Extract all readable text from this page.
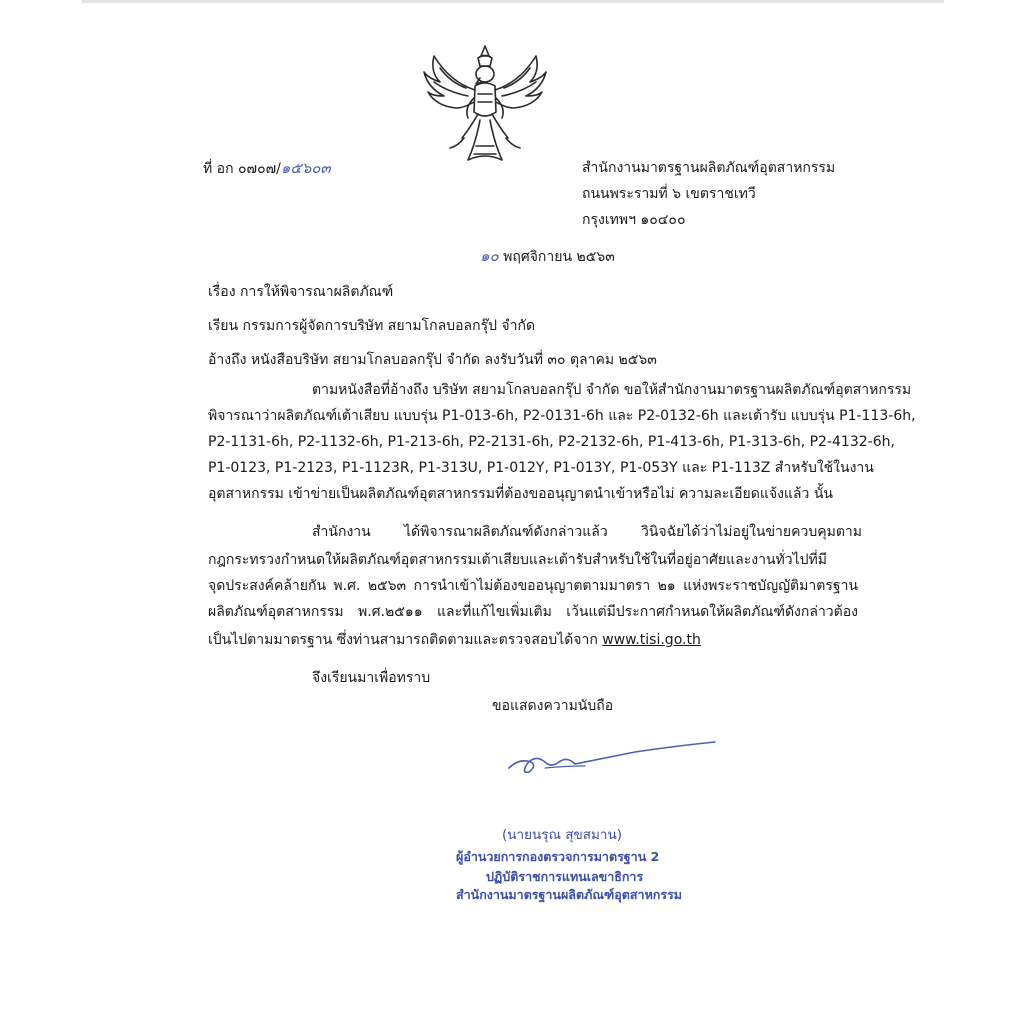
ที่ อก ๐๗๐๗/๑๕๖๐๓	สำนักงานมาตรฐานผลิตภัณฑ์อุตสาหกรรม
ถนนพระรามที่ ๖ เขตราชเทวี
กรุงเทพฯ ๑๐๔๐๐
๑๐ พฤศจิกายน ๒๕๖๓
เรื่อง การให้พิจารณาผลิตภัณฑ์
เรียน กรรมการผู้จัดการบริษัท สยามโกลบอลกรุ๊ป จำกัด
อ้างถึง หนังสือบริษัท สยามโกลบอลกรุ๊ป จำกัด ลงรับวันที่ ๓๐ ตุลาคม ๒๕๖๓
ตามหนังสือที่อ้างถึง บริษัท สยามโกลบอลกรุ๊ป จำกัด ขอให้สำนักงานมาตรฐานผลิตภัณฑ์อุตสาหกรรม
พิจารณาว่าผลิตภัณฑ์เต้าเสียบ แบบรุ่น P1-013-6h, P2-0131-6h และ P2-0132-6h และเต้ารับ แบบรุ่น P1-113-6h,
P2-1131-6h, P2-1132-6h, P1-213-6h, P2-2131-6h, P2-2132-6h, P1-413-6h, P1-313-6h, P2-4132-6h,
P1-0123, P1-2123, P1-1123R, P1-313U, P1-012Y, P1-013Y, P1-053Y และ P1-113Z สำหรับใช้ในงาน
อุตสาหกรรม เข้าข่ายเป็นผลิตภัณฑ์อุตสาหกรรมที่ต้องขออนุญาตนำเข้าหรือไม่ ความละเอียดแจ้งแล้ว นั้น
สำนักงาน ได้พิจารณาผลิตภัณฑ์ดังกล่าวแล้ว วินิจฉัยได้ว่าไม่อยู่ในข่ายควบคุมตาม
กฎกระทรวงกำหนดให้ผลิตภัณฑ์อุตสาหกรรมเต้าเสียบและเต้ารับสำหรับใช้ในที่อยู่อาศัยและงานทั่วไปที่มี
จุดประสงค์คล้ายกัน พ.ศ. ๒๕๖๓ การนำเข้าไม่ต้องขออนุญาตตามมาตรา ๒๑ แห่งพระราชบัญญัติมาตรฐาน
ผลิตภัณฑ์อุตสาหกรรม พ.ศ.๒๕๑๑ และที่แก้ไขเพิ่มเติม เว้นแต่มีประกาศกำหนดให้ผลิตภัณฑ์ดังกล่าวต้อง
เป็นไปตามมาตรฐาน ซึ่งท่านสามารถติดตามและตรวจสอบได้จาก www.tisi.go.th
จึงเรียนมาเพื่อทราบ
ขอแสดงความนับถือ
(นายนรุณ สุขสมาน)
ผู้อำนวยการกองตรวจการมาตรฐาน 2
ปฏิบัติราชการแทนเลขาธิการ
สำนักงานมาตรฐานผลิตภัณฑ์อุตสาหกรรม
